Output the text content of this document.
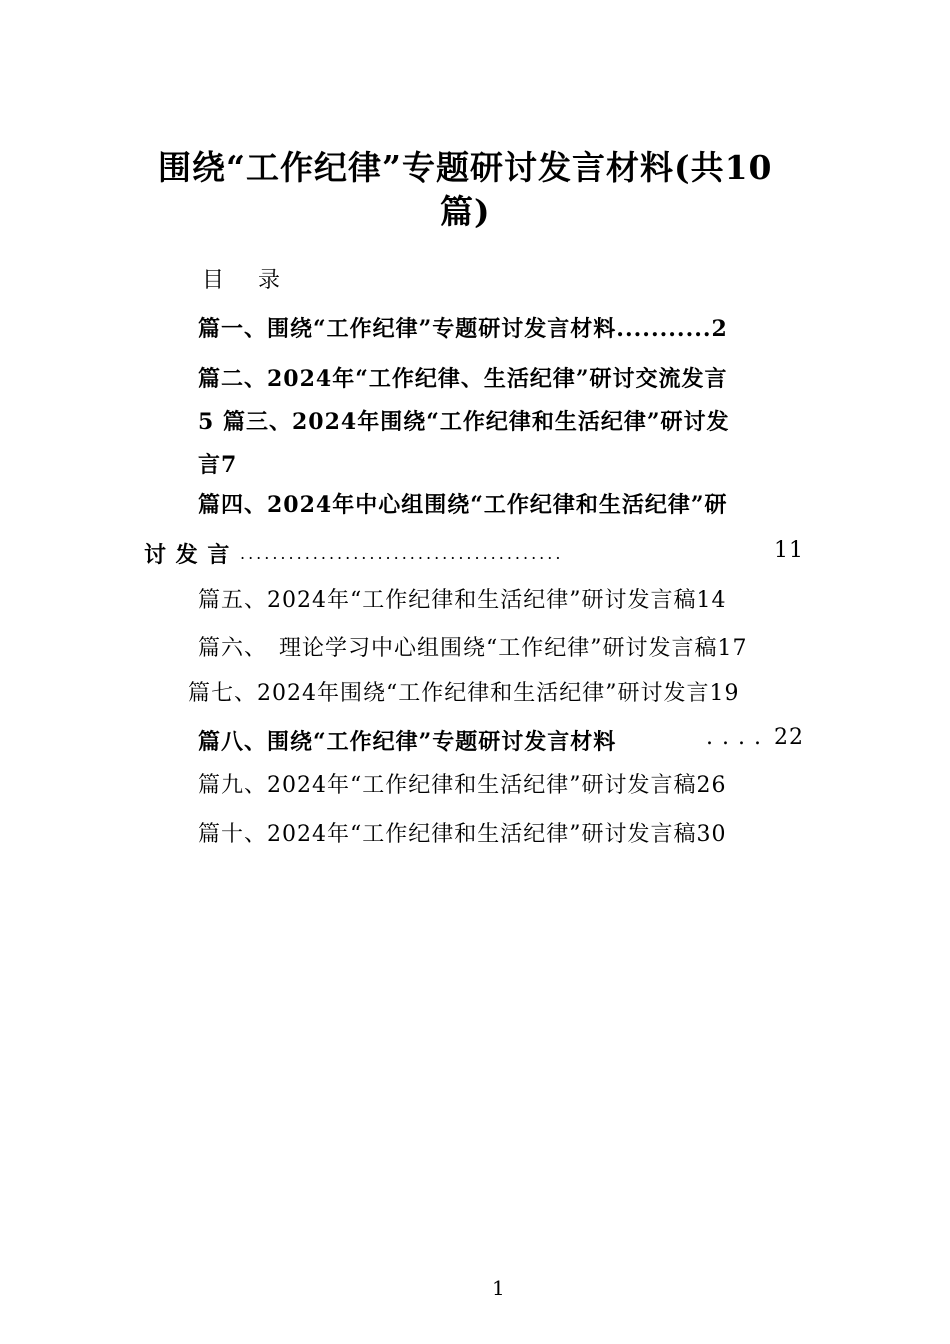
围绕“工作纪律”专题研讨发言材料(共10
篇)
目　录
篇一、围绕“工作纪律”专题研讨发言材料...........2
篇二、2024年“工作纪律、生活纪律”研讨交流发言
5 篇三、2024年围绕“工作纪律和生活纪律”研讨发
言7
篇四、2024年中心组围绕“工作纪律和生活纪律”研
讨 发 言 ........................................	11
篇五、2024年“工作纪律和生活纪律”研讨发言稿14
篇六、　理论学习中心组围绕“工作纪律”研讨发言稿17
篇七、2024年围绕“工作纪律和生活纪律”研讨发言19
篇八、围绕“工作纪律”专题研讨发言材料	. . . . 22
篇九、2024年“工作纪律和生活纪律”研讨发言稿26
篇十、2024年“工作纪律和生活纪律”研讨发言稿30
1
